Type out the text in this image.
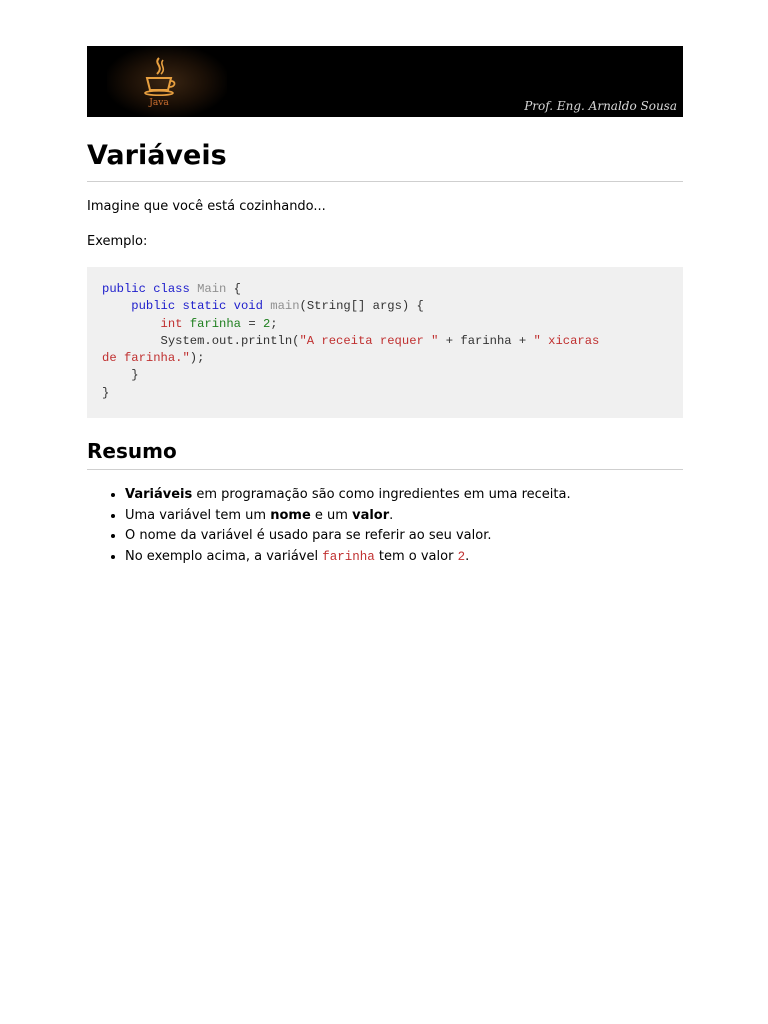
Java	Prof. Eng. Arnaldo Sousa
Variáveis

Imagine que você está cozinhando...

Exemplo:

public class Main {
public static void main(String[] args) {
int farinha = 2;
System.out.println("A receita requer " + farinha + " xicaras
de farinha.");
}
}
Resumo
• Variáveis em programação são como ingredientes em uma receita.
• Uma variável tem um nome e um valor.
• O nome da variável é usado para se referir ao seu valor.
• No exemplo acima, a variável farinha tem o valor 2.
